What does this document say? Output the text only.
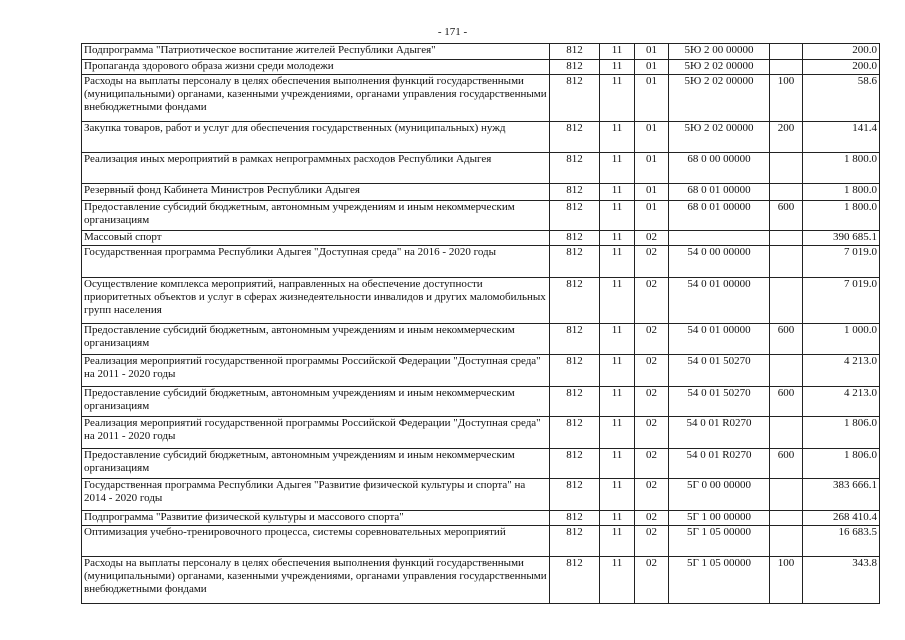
- 171 -
Подпрограмма "Патриотическое воспитание жителей Республики Адыгея"	812	11	01	5Ю 2 00 00000		200.0
Пропаганда здорового образа жизни среди молодежи	812	11	01	5Ю 2 02 00000		200.0
Расходы на выплаты персоналу в целях обеспечения выполнения функций государственными (муниципальными) органами, казенными учреждениями, органами управления государственными внебюджетными фондами	812	11	01	5Ю 2 02 00000	100	58.6
Закупка товаров, работ и услуг для обеспечения государственных (муниципальных) нужд	812	11	01	5Ю 2 02 00000	200	141.4
Реализация иных мероприятий в рамках непрограммных расходов Республики Адыгея	812	11	01	68 0 00 00000		1 800.0
Резервный фонд Кабинета Министров Республики Адыгея	812	11	01	68 0 01 00000		1 800.0
Предоставление субсидий бюджетным, автономным учреждениям и иным некоммерческим организациям	812	11	01	68 0 01 00000	600	1 800.0
Массовый спорт	812	11	02			390 685.1
Государственная программа Республики Адыгея "Доступная среда" на 2016 - 2020 годы	812	11	02	54 0 00 00000		7 019.0
Осуществление комплекса мероприятий, направленных на обеспечение доступности приоритетных объектов и услуг в сферах жизнедеятельности инвалидов и других маломобильных групп населения	812	11	02	54 0 01 00000		7 019.0
Предоставление субсидий бюджетным, автономным учреждениям и иным некоммерческим организациям	812	11	02	54 0 01 00000	600	1 000.0
Реализация мероприятий государственной программы Российской Федерации "Доступная среда" на 2011 - 2020 годы	812	11	02	54 0 01 50270		4 213.0
Предоставление субсидий бюджетным, автономным учреждениям и иным некоммерческим организациям	812	11	02	54 0 01 50270	600	4 213.0
Реализация мероприятий государственной программы Российской Федерации "Доступная среда" на 2011 - 2020 годы	812	11	02	54 0 01 R0270		1 806.0
Предоставление субсидий бюджетным, автономным учреждениям и иным некоммерческим организациям	812	11	02	54 0 01 R0270	600	1 806.0
Государственная программа Республики Адыгея "Развитие физической культуры и спорта" на 2014 - 2020 годы	812	11	02	5Г 0 00 00000		383 666.1
Подпрограмма "Развитие физической культуры и массового спорта"	812	11	02	5Г 1 00 00000		268 410.4
Оптимизация учебно-тренировочного процесса, системы соревновательных мероприятий	812	11	02	5Г 1 05 00000		16 683.5
Расходы на выплаты персоналу в целях обеспечения выполнения функций государственными (муниципальными) органами, казенными учреждениями, органами управления государственными внебюджетными фондами	812	11	02	5Г 1 05 00000	100	343.8
